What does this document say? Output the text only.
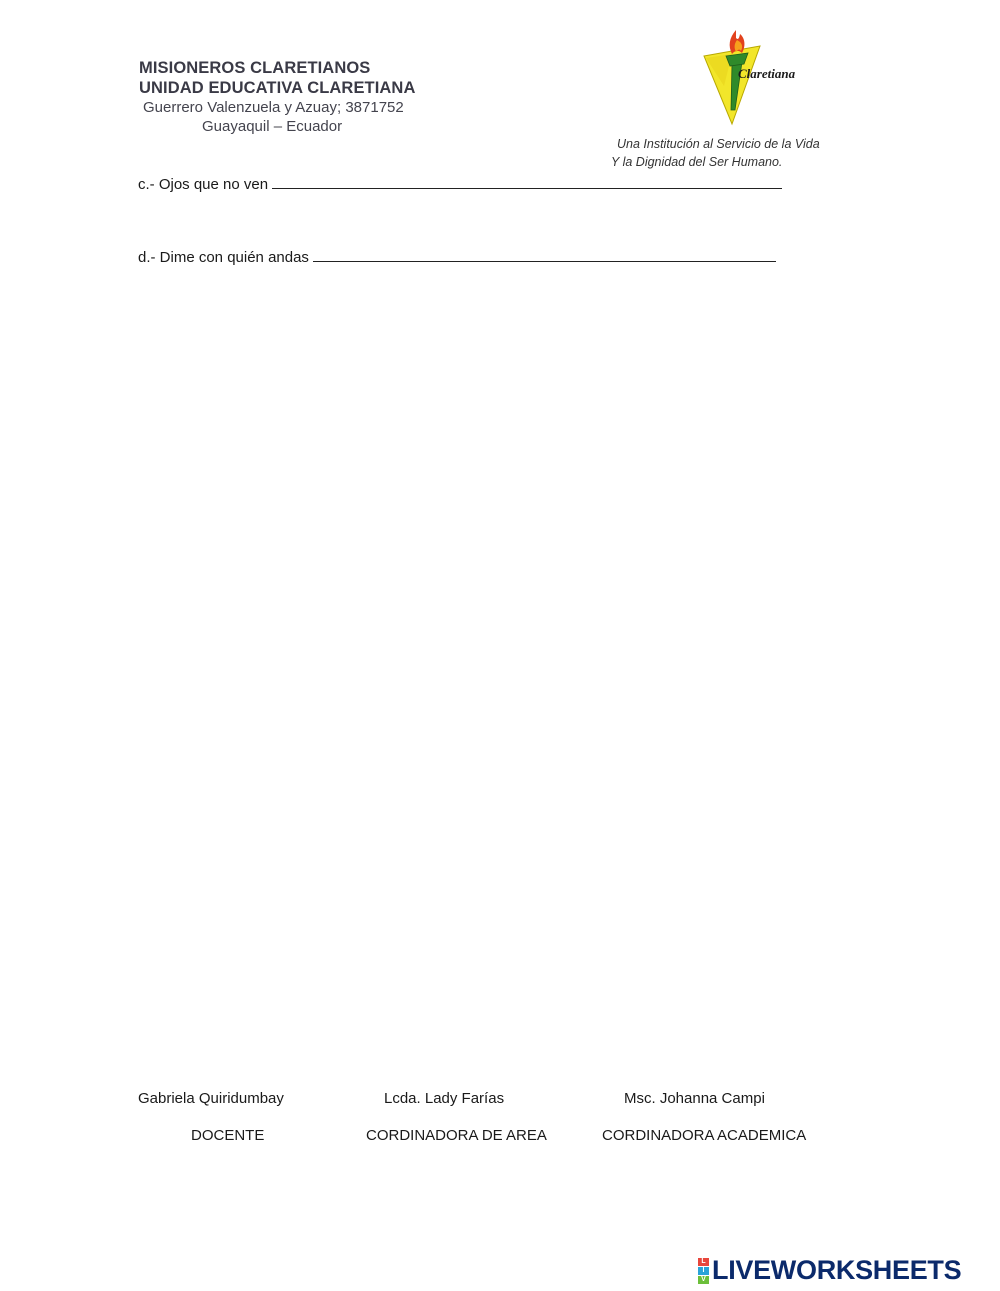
MISIONEROS CLARETIANOS
UNIDAD EDUCATIVA CLARETIANA
Guerrero Valenzuela y Azuay; 3871752
Guayaquil – Ecuador
Claretiana
Una Institución al Servicio de la Vida
Y la Dignidad del Ser Humano.
c.- Ojos que no ven
d.- Dime con quién andas
Gabriela Quiridumbay	Lcda. Lady Farías	Msc. Johanna Campi
DOCENTE	CORDINADORA DE AREA	CORDINADORA ACADEMICA
L
I
V LIVEWORKSHEETS
